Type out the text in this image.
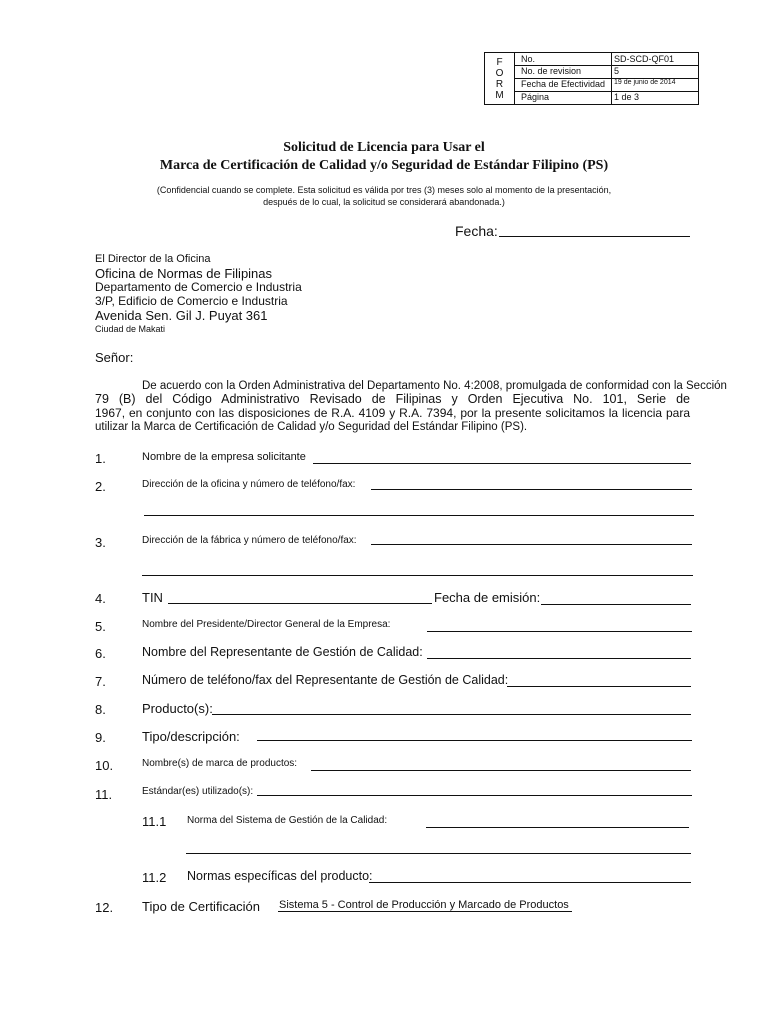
F
O
R
M
No.	SD-SCD-QF01
No. de revision	5
Fecha de Efectividad	19 de junio de 2014
Página	1 de 3
Solicitud de Licencia para Usar el
Marca de Certificación de Calidad y/o Seguridad de Estándar Filipino (PS)
(Confidencial cuando se complete. Esta solicitud es válida por tres (3) meses solo al momento de la presentación,
después de lo cual, la solicitud se considerará abandonada.)
Fecha:
El Director de la Oficina
Oficina de Normas de Filipinas
Departamento de Comercio e Industria
3/P, Edificio de Comercio e Industria
Avenida Sen. Gil J. Puyat 361
Ciudad de Makati
Señor:
De acuerdo con la Orden Administrativa del Departamento No. 4:2008, promulgada de conformidad con la Sección
79 (B) del Código Administrativo Revisado de Filipinas y Orden Ejecutiva No. 101, Serie de
1967, en conjunto con las disposiciones de R.A. 4109 y R.A. 7394, por la presente solicitamos la licencia para
utilizar la Marca de Certificación de Calidad y/o Seguridad del Estándar Filipino (PS).
1.	Nombre de la empresa solicitante
2.	Dirección de la oficina y número de teléfono/fax:
3.	Dirección de la fábrica y número de teléfono/fax:
4.	TIN	Fecha de emisión:
5.	Nombre del Presidente/Director General de la Empresa:
6.	Nombre del Representante de Gestión de Calidad:
7.	Número de teléfono/fax del Representante de Gestión de Calidad:
8.	Producto(s):
9.	Tipo/descripción:
10.	Nombre(s) de marca de productos:
11.	Estándar(es) utilizado(s):
11.1 Norma del Sistema de Gestión de la Calidad:
11.2 Normas específicas del producto:
12. Tipo de Certificación Sistema 5 - Control de Producción y Marcado de Productos
